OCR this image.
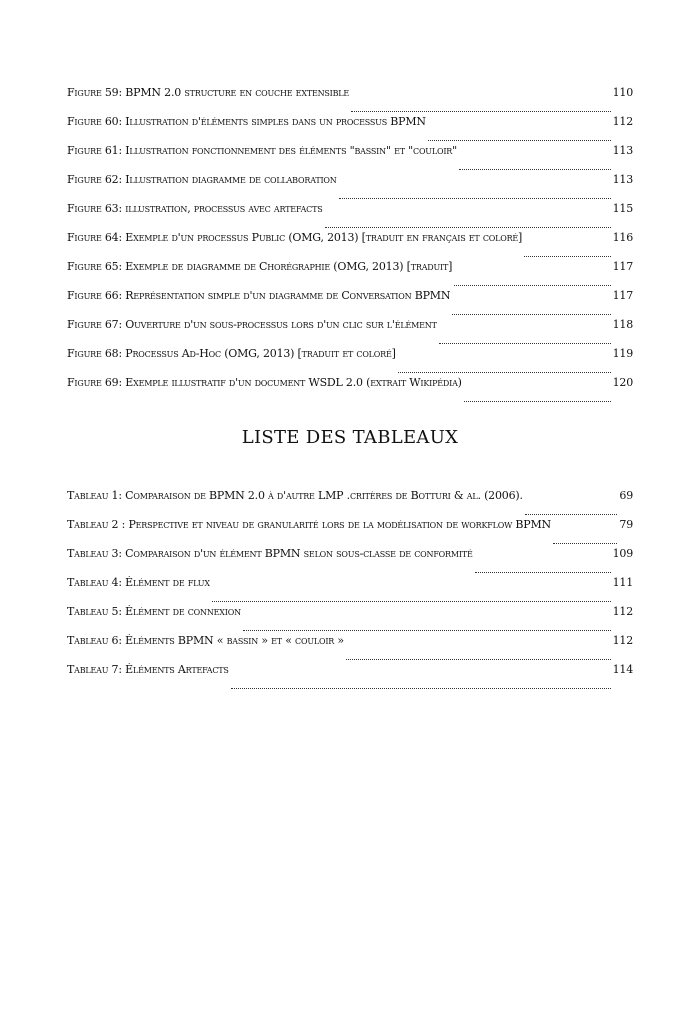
Figure 59: BPMN 2.0 structure en couche extensible	110
Figure 60: Illustration d'éléments simples dans un processus BPMN	112
Figure 61: Illustration fonctionnement des éléments "bassin" et "couloir"	113
Figure 62: Illustration diagramme de collaboration	113
Figure 63: illustration, processus avec artefacts	115
Figure 64: Exemple d'un processus Public (OMG, 2013) [traduit en français et coloré]	116
Figure 65: Exemple de diagramme de Chorégraphie (OMG, 2013) [traduit]	117
Figure 66: Représentation simple d'un diagramme de Conversation BPMN	117
Figure 67: Ouverture d'un sous-processus lors d'un clic sur l'élément	118
Figure 68: Processus Ad-Hoc (OMG, 2013) [traduit et coloré]	119
Figure 69: Exemple illustratif d'un document WSDL 2.0 (extrait Wikipédia)	120
LISTE DES TABLEAUX
Tableau 1: Comparaison de BPMN 2.0 à d'autre LMP .critères de Botturi & al. (2006).	69
Tableau 2 : Perspective et niveau de granularité lors de la modélisation de workflow BPMN	79
Tableau 3: Comparaison d'un élément BPMN selon sous-classe de conformité	109
Tableau 4: Élément de flux	111
Tableau 5: Élément de connexion	112
Tableau 6: Éléments BPMN « bassin » et « couloir »	112
Tableau 7: Éléments Artefacts	114
